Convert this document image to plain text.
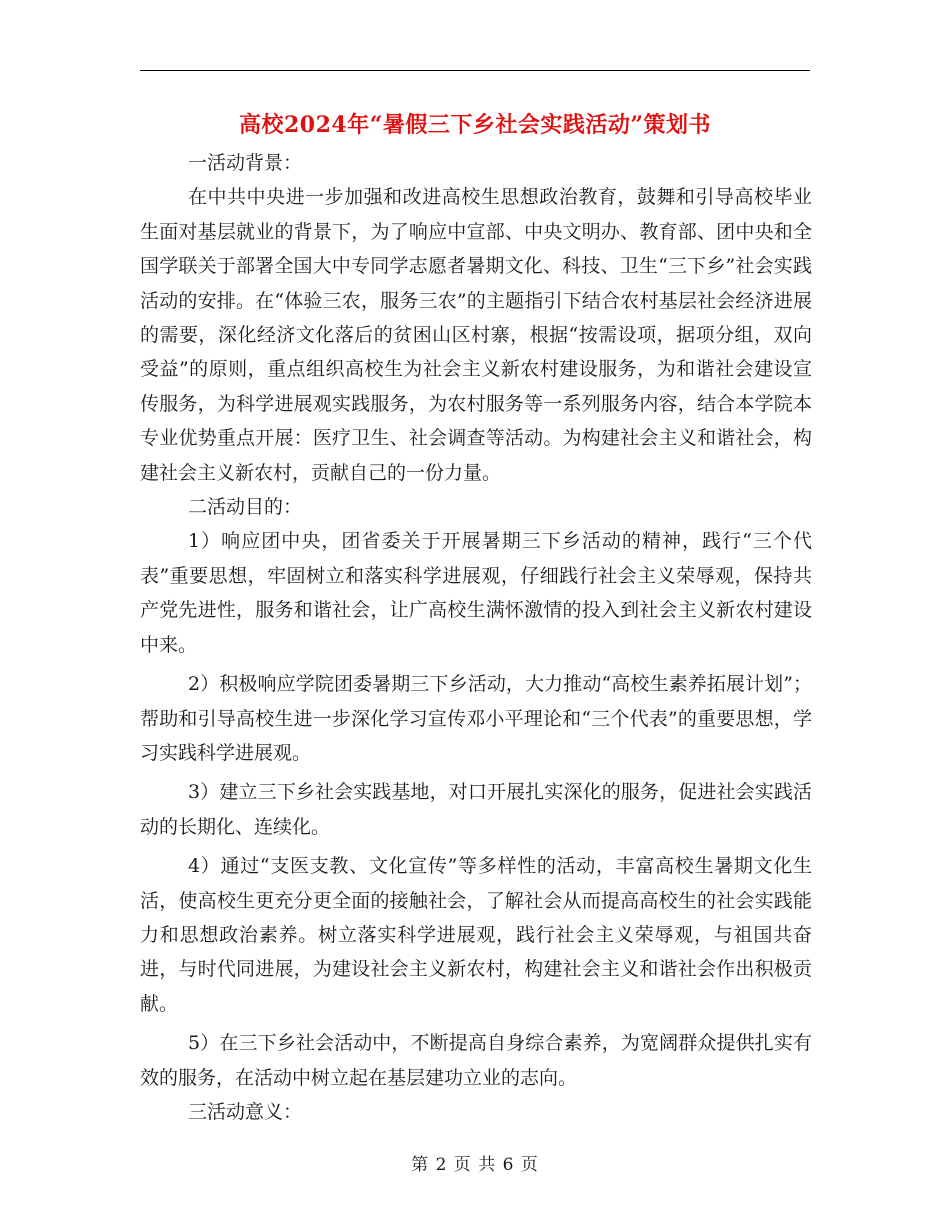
高校2024年“暑假三下乡社会实践活动”策划书

一活动背景：

在中共中央进一步加强和改进高校生思想政治教育，鼓舞和引导高校毕业生面对基层就业的背景下，为了响应中宣部、中央文明办、教育部、团中央和全国学联关于部署全国大中专同学志愿者暑期文化、科技、卫生“三下乡”社会实践活动的安排。在“体验三农，服务三农”的主题指引下结合农村基层社会经济进展的需要，深化经济文化落后的贫困山区村寨，根据“按需设项，据项分组，双向受益”的原则，重点组织高校生为社会主义新农村建设服务，为和谐社会建设宣传服务，为科学进展观实践服务，为农村服务等一系列服务内容，结合本学院本专业优势重点开展：医疗卫生、社会调查等活动。为构建社会主义和谐社会，构建社会主义新农村，贡献自己的一份力量。

二活动目的：

1）响应团中央，团省委关于开展暑期三下乡活动的精神，践行“三个代表”重要思想，牢固树立和落实科学进展观，仔细践行社会主义荣辱观，保持共产党先进性，服务和谐社会，让广高校生满怀激情的投入到社会主义新农村建设中来。

2）积极响应学院团委暑期三下乡活动，大力推动“高校生素养拓展计划”；帮助和引导高校生进一步深化学习宣传邓小平理论和“三个代表”的重要思想，学习实践科学进展观。

3）建立三下乡社会实践基地，对口开展扎实深化的服务，促进社会实践活动的长期化、连续化。

4）通过“支医支教、文化宣传”等多样性的活动，丰富高校生暑期文化生活，使高校生更充分更全面的接触社会，了解社会从而提高高校生的社会实践能力和思想政治素养。树立落实科学进展观，践行社会主义荣辱观，与祖国共奋进，与时代同进展，为建设社会主义新农村，构建社会主义和谐社会作出积极贡献。

5）在三下乡社会活动中，不断提高自身综合素养，为宽阔群众提供扎实有效的服务，在活动中树立起在基层建功立业的志向。

三活动意义：

第 2 页 共 6 页
